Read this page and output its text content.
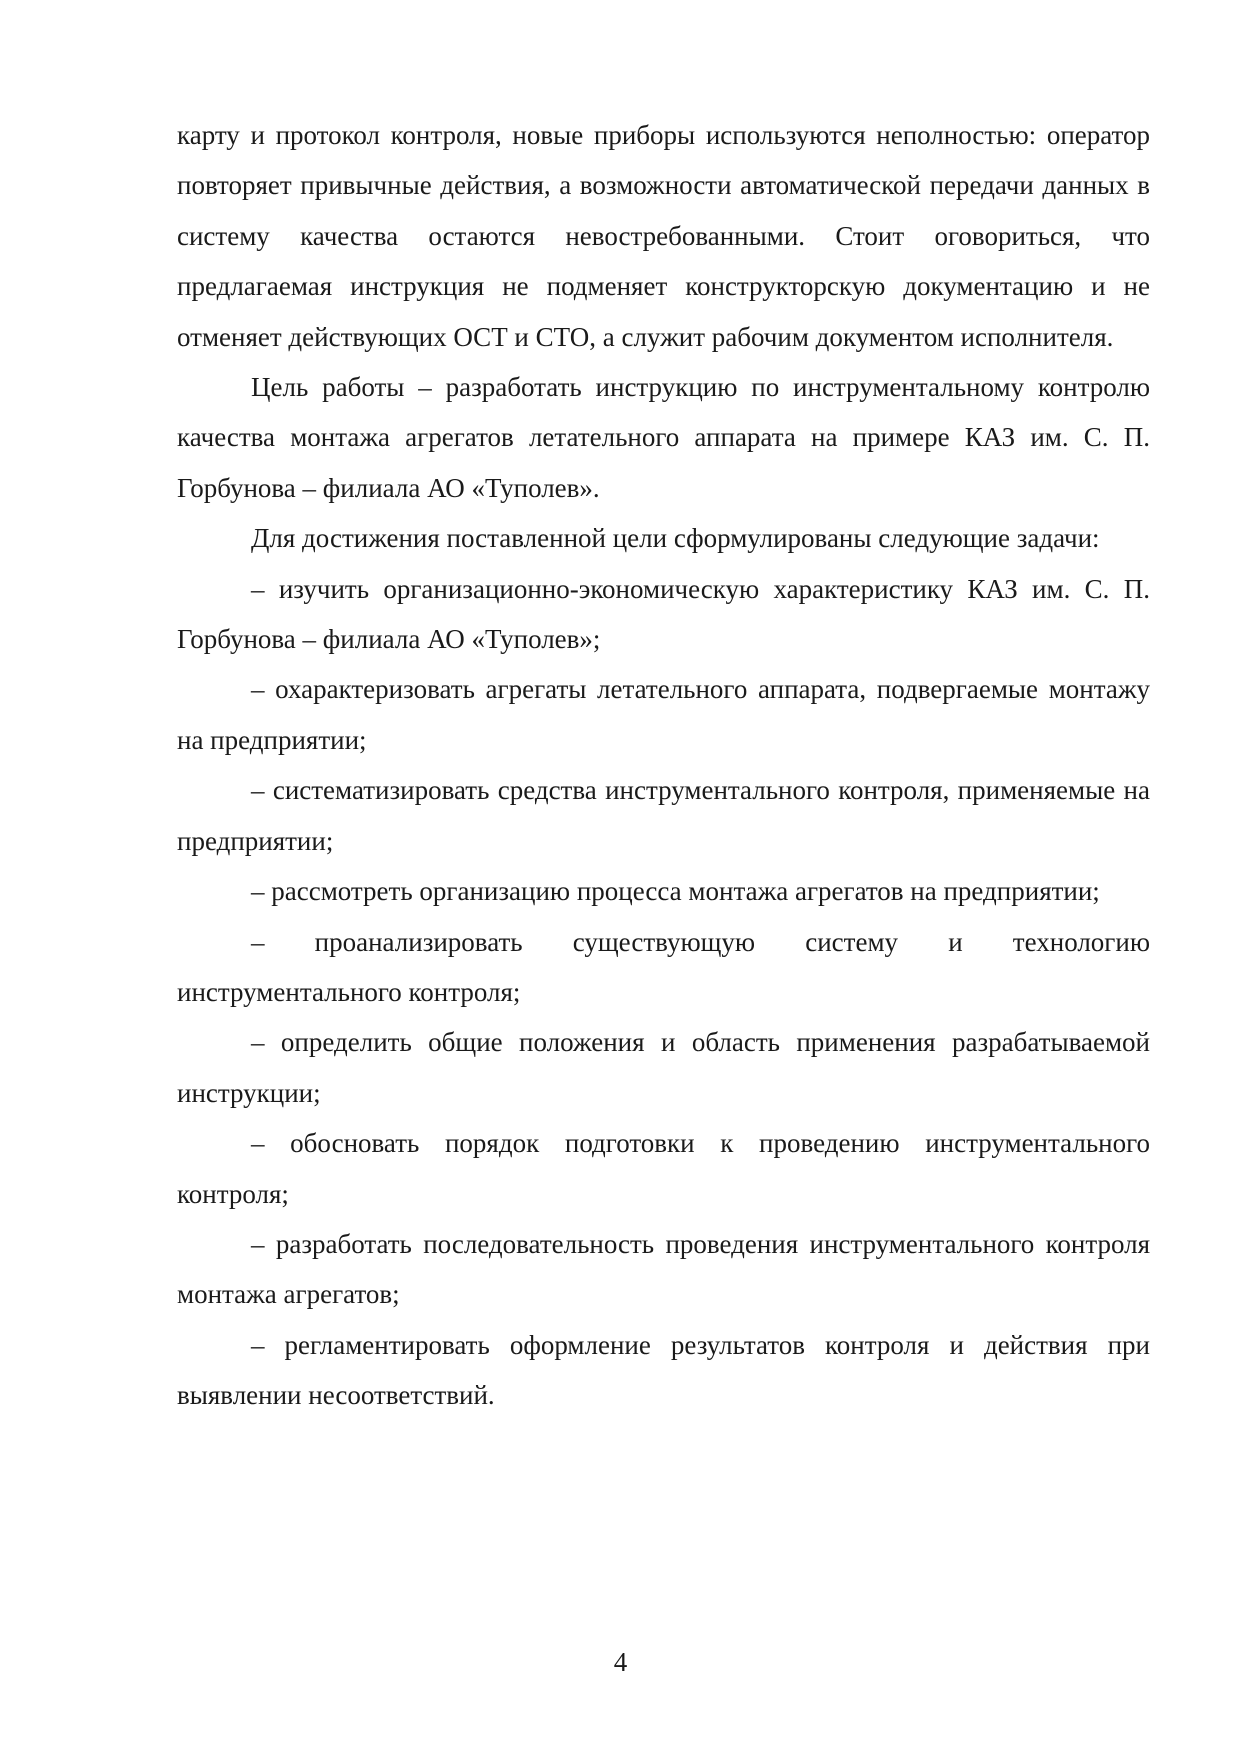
карту и протокол контроля, новые приборы используются неполностью: оператор повторяет привычные действия, а возможности автоматической передачи данных в систему качества остаются невостребованными. Стоит оговориться, что предлагаемая инструкция не подменяет конструкторскую документацию и не отменяет действующих ОСТ и СТО, а служит рабочим документом исполнителя.

Цель работы – разработать инструкцию по инструментальному контролю качества монтажа агрегатов летательного аппарата на примере КАЗ им. С. П. Горбунова – филиала АО «Туполев».

Для достижения поставленной цели сформулированы следующие задачи:

– изучить организационно-экономическую характеристику КАЗ им. С. П. Горбунова – филиала АО «Туполев»;

– охарактеризовать агрегаты летательного аппарата, подвергаемые монтажу на предприятии;

– систематизировать средства инструментального контроля, применяемые на предприятии;

– рассмотреть организацию процесса монтажа агрегатов на предприятии;

– проанализировать существующую систему и технологию инструментального контроля;

– определить общие положения и область применения разрабатываемой инструкции;

– обосновать порядок подготовки к проведению инструментального контроля;

– разработать последовательность проведения инструментального контроля монтажа агрегатов;

– регламентировать оформление результатов контроля и действия при выявлении несоответствий.

4
